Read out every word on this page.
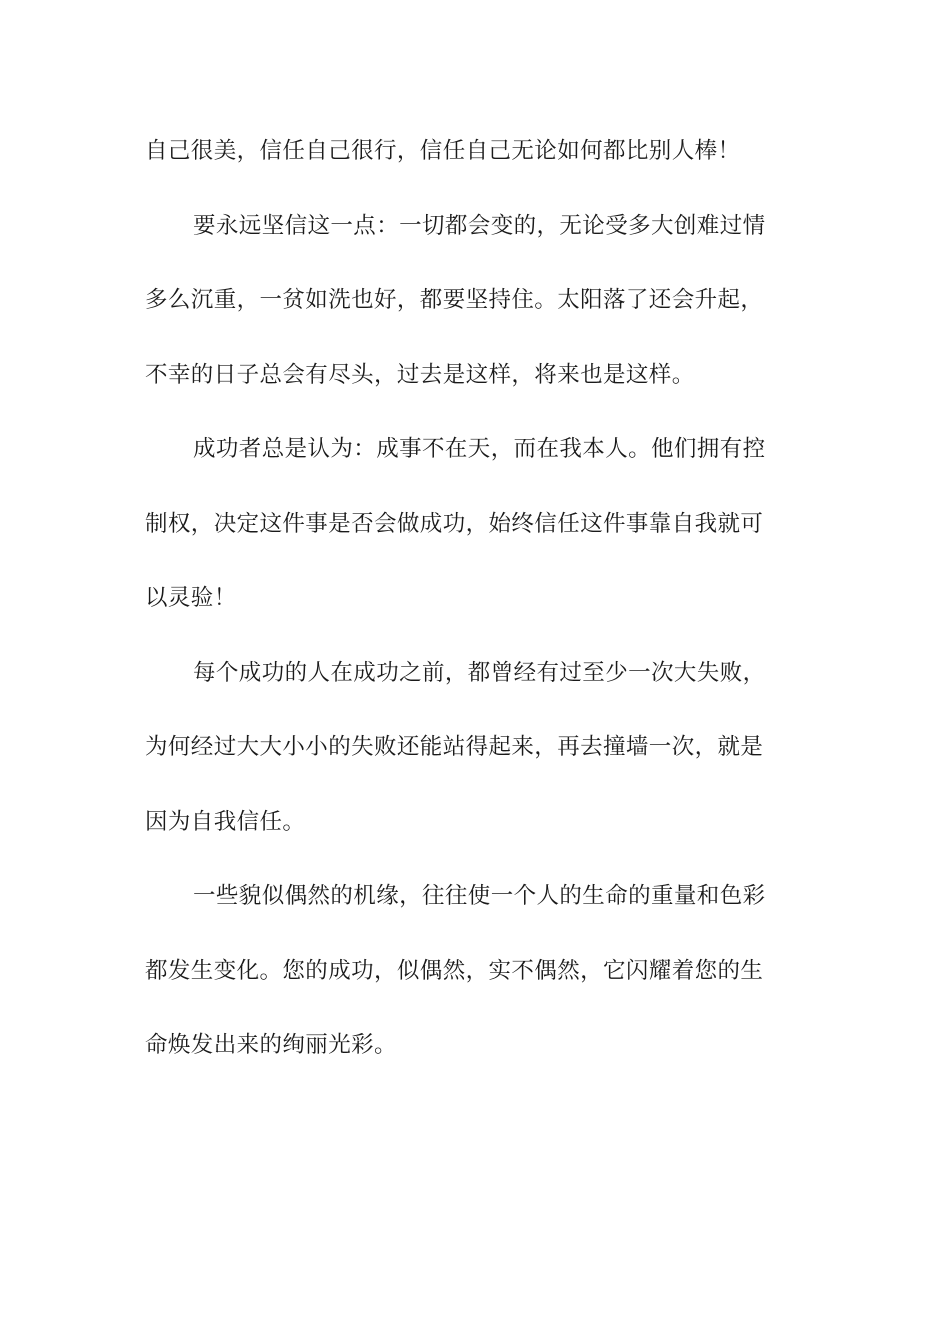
自己很美，信任自己很行，信任自己无论如何都比别人棒！
要永远坚信这一点：一切都会变的，无论受多大创难过情
多么沉重，一贫如洗也好，都要坚持住。太阳落了还会升起，
不幸的日子总会有尽头，过去是这样，将来也是这样。
成功者总是认为：成事不在天，而在我本人。他们拥有控
制权，决定这件事是否会做成功，始终信任这件事靠自我就可
以灵验！
每个成功的人在成功之前，都曾经有过至少一次大失败，
为何经过大大小小的失败还能站得起来，再去撞墙一次，就是
因为自我信任。
一些貌似偶然的机缘，往往使一个人的生命的重量和色彩
都发生变化。您的成功，似偶然，实不偶然，它闪耀着您的生
命焕发出来的绚丽光彩。
